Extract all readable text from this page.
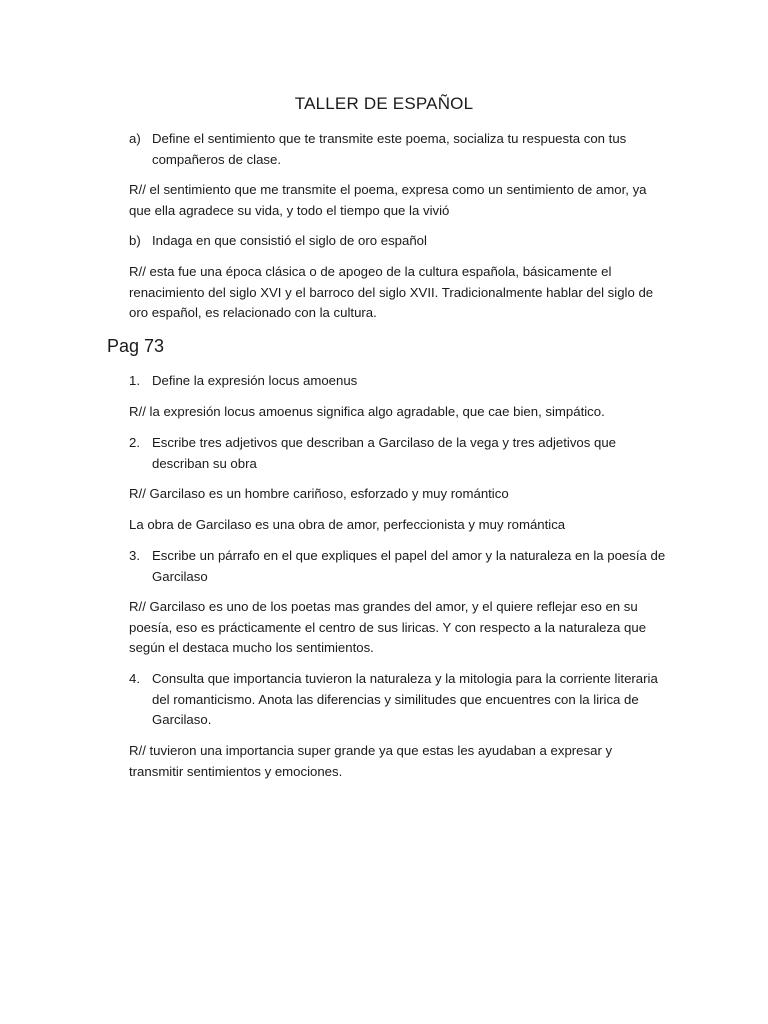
TALLER DE ESPAÑOL
a) Define el sentimiento que te transmite este poema, socializa tu respuesta con tus compañeros de clase.
R// el sentimiento que me transmite el poema, expresa como un sentimiento de amor, ya que ella agradece su vida, y todo el tiempo que la vivió
b) Indaga en que consistió el siglo de oro español
R// esta fue una época clásica o de apogeo de la cultura española, básicamente el renacimiento del siglo XVI y el barroco del siglo XVII. Tradicionalmente hablar del siglo de oro español, es relacionado con la cultura.
Pag 73
1. Define la expresión locus amoenus
R// la expresión locus amoenus significa algo agradable, que cae bien, simpático.
2. Escribe tres adjetivos que describan a Garcilaso de la vega y tres adjetivos que describan su obra
R// Garcilaso es un hombre cariñoso, esforzado y muy romántico
La obra de Garcilaso es una obra de amor, perfeccionista y muy romántica
3. Escribe un párrafo en el que expliques el papel del amor y la naturaleza en la poesía de Garcilaso
R// Garcilaso es uno de los poetas mas grandes del amor, y el quiere reflejar eso en su poesía, eso es prácticamente el centro de sus liricas. Y con respecto a la naturaleza que según el destaca mucho los sentimientos.
4. Consulta que importancia tuvieron la naturaleza y la mitologia para la corriente literaria del romanticismo. Anota las diferencias y similitudes que encuentres con la lirica de Garcilaso.
R// tuvieron una importancia super grande ya que estas les ayudaban a expresar y transmitir sentimientos y emociones.
